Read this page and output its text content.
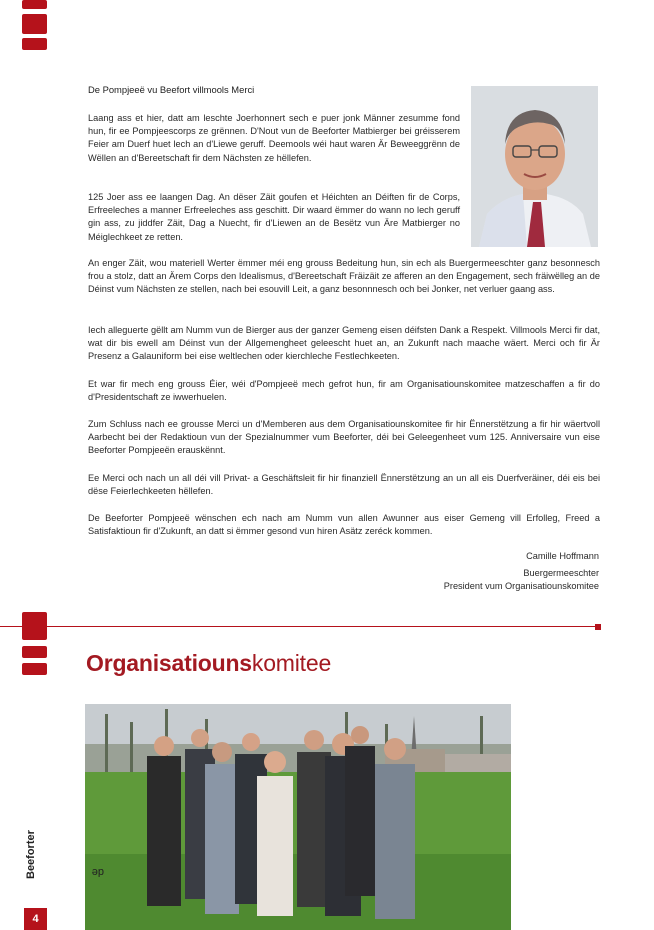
De Pompjeeë vu Beefort villmools Merci
Laang ass et hier, datt am leschte Joerhonnert sech e puer jonk Männer zesumme fond hun, fir ee Pompjeescorps ze grënnen. D'Nout vun de Beeforter Matbierger bei gréisserem Feier am Duerf huet lech an d'Liewe geruff. Deemools wéi haut waren Är Beweeggrënn de Wëllen an d'Bereetschaft fir dem Nächsten ze hëllefen.
125 Joer ass ee laangen Dag. An dëser Zäit goufen et Héichten an Déiften fir de Corps, Erfreeleches a manner Erfreeleches ass geschitt. Dir waard ëmmer do wann no lech geruff gin ass, zu jiddfer Zäit, Dag a Nuecht, fir d'Liewen an de Besëtz vun Äre Matbierger no Méiglechkeet ze retten.
An enger Zäit, wou materiell Werter ëmmer méi eng grouss Bedeitung hun, sin ech als Buergermeeschter ganz besonnesch frou a stolz, datt an Ärem Corps den Idealismus, d'Bereetschaft Fräizäit ze afferen an den Engagement, sech fräiwëlleg an de Déinst vum Nächsten ze stellen, nach bei esouvill Leit, a ganz besonnnesch och bei Jonker, net verluer gaang ass.
Iech alleguerte gëllt am Numm vun de Bierger aus der ganzer Gemeng eisen déifsten Dank a Respekt. Villmools Merci fir dat, wat dir bis ewell am Déinst vun der Allgemengheet geleescht huet an, an Zukunft nach maache wäert. Merci och fir Är Presenz a Galauniform bei eise weltlechen oder kierchleche Festlechkeeten.
Et war fir mech eng grouss Éier, wéi d'Pompjeeë mech gefrot hun, fir am Organisatiounskomitee matzeschaffen a fir do d'Presidentschaft ze iwwerhuelen.
Zum Schluss nach ee grousse Merci un d'Memberen aus dem Organisatiounskomitee fir hir Ënnerstëtzung a fir hir wäertvoll Aarbecht bei der Redaktioun vun der Spezialnummer vum Beeforter, déi bei Geleegenheet vum 125. Anniversaire vun eise Beeforter Pompjeeën erauskënnt.
Ee Merci och nach un all déi vill Privat- a Geschäftsleit fir hir finanziell Ënnerstëtzung an un all eis Duerfveräiner, déi eis bei dëse Feierlechkeeten hëllefen.
De Beeforter Pompjeeë wënschen ech nach am Numm vun allen Awunner aus eiser Gemeng vill Erfolleg, Freed a Satisfaktioun fir d'Zukunft, an datt si ëmmer gesond vun hiren Asätz zeréck kommen.
Camille Hoffmann
Buergermeeschter
President vum Organisatiounskomitee
Organisatiounskomitee
de
Beeforter
4
